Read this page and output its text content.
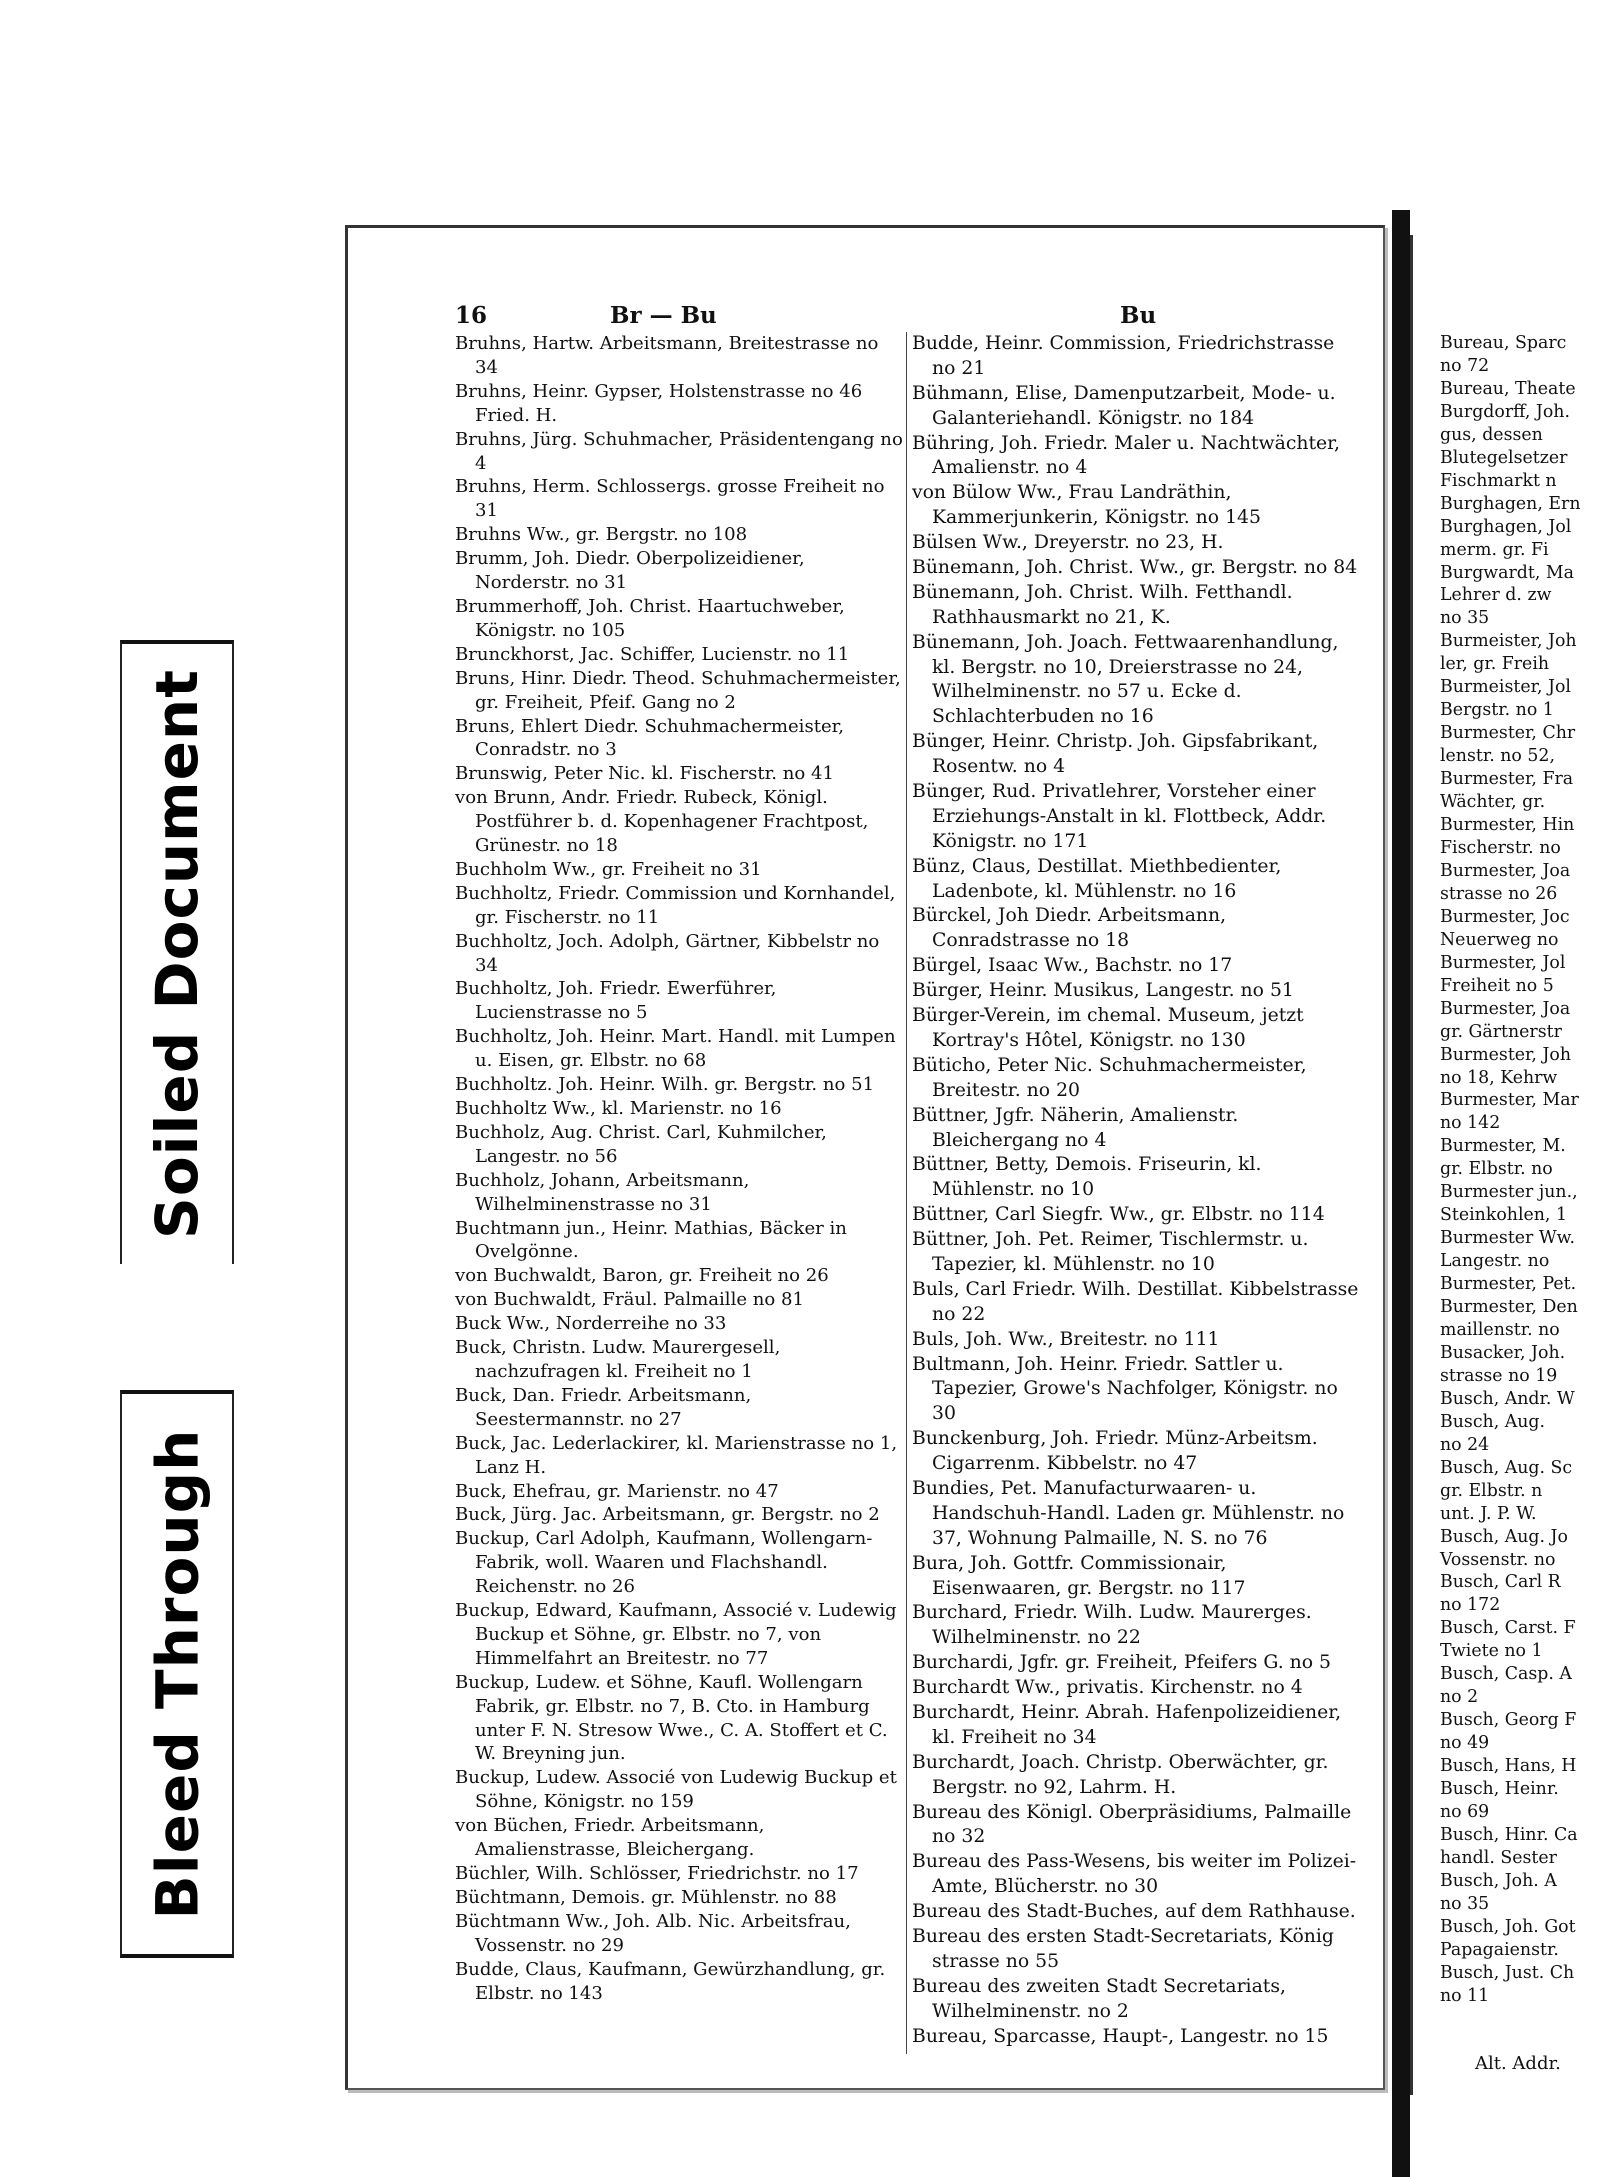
Soiled Document
Bleed Through
16	Br — Bu	Bu
Bruhns, Hartw. Arbeitsmann, Breitestrasse no 34
Bruhns, Heinr. Gypser, Holstenstrasse no 46 Fried. H.
Bruhns, Jürg. Schuhmacher, Präsidentengang no 4
Bruhns, Herm. Schlossergs. grosse Freiheit no 31
Bruhns Ww., gr. Bergstr. no 108
Brumm, Joh. Diedr. Oberpolizeidiener, Norderstr. no 31
Brummerhoff, Joh. Christ. Haartuchweber, Königstr. no 105
Brunckhorst, Jac. Schiffer, Lucienstr. no 11
Bruns, Hinr. Diedr. Theod. Schuhmachermeister, gr. Freiheit, Pfeif. Gang no 2
Bruns, Ehlert Diedr. Schuhmachermeister, Conradstr. no 3
Brunswig, Peter Nic. kl. Fischerstr. no 41
von Brunn, Andr. Friedr. Rubeck, Königl. Postführer b. d. Kopenhagener Frachtpost, Grünestr. no 18
Buchholm Ww., gr. Freiheit no 31
Buchholtz, Friedr. Commission und Kornhandel, gr. Fischerstr. no 11
Buchholtz, Joch. Adolph, Gärtner, Kibbelstr no 34
Buchholtz, Joh. Friedr. Ewerführer, Lucienstrasse no 5
Buchholtz, Joh. Heinr. Mart. Handl. mit Lumpen u. Eisen, gr. Elbstr. no 68
Buchholtz. Joh. Heinr. Wilh. gr. Bergstr. no 51
Buchholtz Ww., kl. Marienstr. no 16
Buchholz, Aug. Christ. Carl, Kuhmilcher, Langestr. no 56
Buchholz, Johann, Arbeitsmann, Wilhelminenstrasse no 31
Buchtmann jun., Heinr. Mathias, Bäcker in Ovelgönne.
von Buchwaldt, Baron, gr. Freiheit no 26
von Buchwaldt, Fräul. Palmaille no 81
Buck Ww., Norderreihe no 33
Buck, Christn. Ludw. Maurergesell, nachzufragen kl. Freiheit no 1
Buck, Dan. Friedr. Arbeitsmann, Seestermannstr. no 27
Buck, Jac. Lederlackirer, kl. Marienstrasse no 1, Lanz H.
Buck, Ehefrau, gr. Marienstr. no 47
Buck, Jürg. Jac. Arbeitsmann, gr. Bergstr. no 2
Buckup, Carl Adolph, Kaufmann, Wollengarn-Fabrik, woll. Waaren und Flachshandl. Reichenstr. no 26
Buckup, Edward, Kaufmann, Associé v. Ludewig Buckup et Söhne, gr. Elbstr. no 7, von Himmelfahrt an Breitestr. no 77
Buckup, Ludew. et Söhne, Kaufl. Wollengarn Fabrik, gr. Elbstr. no 7, B. Cto. in Hamburg unter F. N. Stresow Wwe., C. A. Stoffert et C. W. Breyning jun.
Buckup, Ludew. Associé von Ludewig Buckup et Söhne, Königstr. no 159
von Büchen, Friedr. Arbeitsmann, Amalienstrasse, Bleichergang.
Büchler, Wilh. Schlösser, Friedrichstr. no 17
Büchtmann, Demois. gr. Mühlenstr. no 88
Büchtmann Ww., Joh. Alb. Nic. Arbeitsfrau, Vossenstr. no 29
Budde, Claus, Kaufmann, Gewürzhandlung, gr. Elbstr. no 143
Budde, Heinr. Commission, Friedrichstrasse no 21
Bühmann, Elise, Damenputzarbeit, Mode- u. Galanteriehandl. Königstr. no 184
Bühring, Joh. Friedr. Maler u. Nachtwächter, Amalienstr. no 4
von Bülow Ww., Frau Landräthin, Kammerjunkerin, Königstr. no 145
Bülsen Ww., Dreyerstr. no 23, H.
Bünemann, Joh. Christ. Ww., gr. Bergstr. no 84
Bünemann, Joh. Christ. Wilh. Fetthandl. Rathhausmarkt no 21, K.
Bünemann, Joh. Joach. Fettwaarenhandlung, kl. Bergstr. no 10, Dreierstrasse no 24, Wilhelminenstr. no 57 u. Ecke d. Schlachterbuden no 16
Bünger, Heinr. Christp. Joh. Gipsfabrikant, Rosentw. no 4
Bünger, Rud. Privatlehrer, Vorsteher einer Erziehungs-Anstalt in kl. Flottbeck, Addr. Königstr. no 171
Bünz, Claus, Destillat. Miethbedienter, Ladenbote, kl. Mühlenstr. no 16
Bürckel, Joh Diedr. Arbeitsmann, Conradstrasse no 18
Bürgel, Isaac Ww., Bachstr. no 17
Bürger, Heinr. Musikus, Langestr. no 51
Bürger-Verein, im chemal. Museum, jetzt Kortray's Hôtel, Königstr. no 130
Büticho, Peter Nic. Schuhmachermeister, Breitestr. no 20
Büttner, Jgfr. Näherin, Amalienstr. Bleichergang no 4
Büttner, Betty, Demois. Friseurin, kl. Mühlenstr. no 10
Büttner, Carl Siegfr. Ww., gr. Elbstr. no 114
Büttner, Joh. Pet. Reimer, Tischlermstr. u. Tapezier, kl. Mühlenstr. no 10
Buls, Carl Friedr. Wilh. Destillat. Kibbelstrasse no 22
Buls, Joh. Ww., Breitestr. no 111
Bultmann, Joh. Heinr. Friedr. Sattler u. Tapezier, Growe's Nachfolger, Königstr. no 30
Bunckenburg, Joh. Friedr. Münz-Arbeitsm. Cigarrenm. Kibbelstr. no 47
Bundies, Pet. Manufacturwaaren- u. Handschuh-Handl. Laden gr. Mühlenstr. no 37, Wohnung Palmaille, N. S. no 76
Bura, Joh. Gottfr. Commissionair, Eisenwaaren, gr. Bergstr. no 117
Burchard, Friedr. Wilh. Ludw. Maurerges. Wilhelminenstr. no 22
Burchardi, Jgfr. gr. Freiheit, Pfeifers G. no 5
Burchardt Ww., privatis. Kirchenstr. no 4
Burchardt, Heinr. Abrah. Hafenpolizeidiener, kl. Freiheit no 34
Burchardt, Joach. Christp. Oberwächter, gr. Bergstr. no 92, Lahrm. H.
Bureau des Königl. Oberpräsidiums, Palmaille no 32
Bureau des Pass-Wesens, bis weiter im Polizei-Amte, Blücherstr. no 30
Bureau des Stadt-Buches, auf dem Rathhause.
Bureau des ersten Stadt-Secretariats, König strasse no 55
Bureau des zweiten Stadt Secretariats, Wilhelminenstr. no 2
Bureau, Sparcasse, Haupt-, Langestr. no 15
Bureau, Sparc
no 72
Bureau, Theate
Burgdorff, Joh.
gus, dessen
Blutegelsetzer
Fischmarkt n
Burghagen, Ern
Burghagen, Jol
merm. gr. Fi
Burgwardt, Ma
Lehrer d. zw
no 35
Burmeister, Joh
ler, gr. Freih
Burmeister, Jol
Bergstr. no 1
Burmester, Chr
lenstr. no 52,
Burmester, Fra
Wächter, gr.
Burmester, Hin
Fischerstr. no
Burmester, Joa
strasse no 26
Burmester, Joc
Neuerweg no
Burmester, Jol
Freiheit no 5
Burmester, Joa
gr. Gärtnerstr
Burmester, Joh
no 18, Kehrw
Burmester, Mar
no 142
Burmester, M.
gr. Elbstr. no
Burmester jun.,
Steinkohlen, 1
Burmester Ww.
Langestr. no
Burmester, Pet.
Burmester, Den
maillenstr. no
Busacker, Joh.
strasse no 19
Busch, Andr. W
Busch, Aug.
no 24
Busch, Aug. Sc
gr. Elbstr. n
unt. J. P. W.
Busch, Aug. Jo
Vossenstr. no
Busch, Carl R
no 172
Busch, Carst. F
Twiete no 1
Busch, Casp. A
no 2
Busch, Georg F
no 49
Busch, Hans, H
Busch, Heinr.
no 69
Busch, Hinr. Ca
handl. Sester
Busch, Joh. A
no 35
Busch, Joh. Got
Papagaienstr.
Busch, Just. Ch
no 11
Alt. Addr.
